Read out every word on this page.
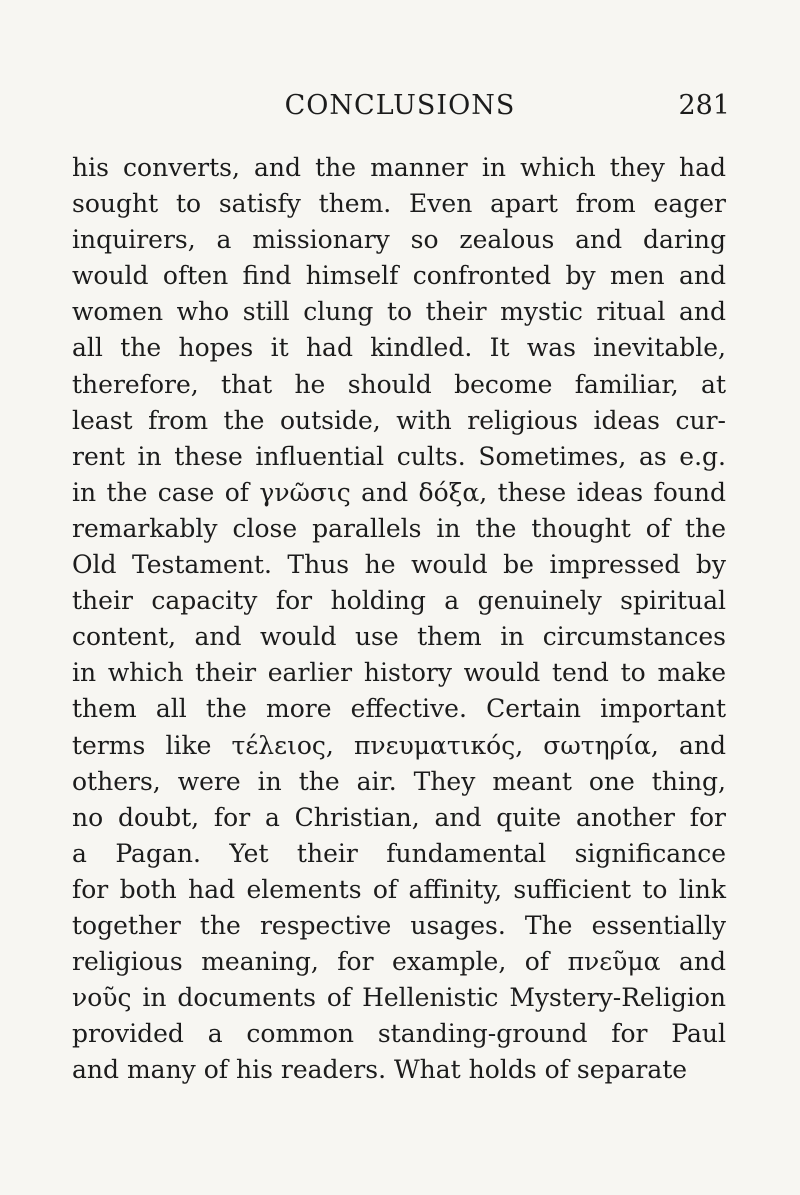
CONCLUSIONS	281
his converts, and the manner in which they had
sought to satisfy them. Even apart from eager
inquirers, a missionary so zealous and daring
would often find himself confronted by men and
women who still clung to their mystic ritual and
all the hopes it had kindled. It was inevitable,
therefore, that he should become familiar, at
least from the outside, with religious ideas cur-
rent in these influential cults. Sometimes, as e.g.
in the case of γνῶσις and δόξα, these ideas found
remarkably close parallels in the thought of the
Old Testament. Thus he would be impressed by
their capacity for holding a genuinely spiritual
content, and would use them in circumstances
in which their earlier history would tend to make
them all the more effective. Certain important
terms like τέλειος, πνευματικός, σωτηρία, and
others, were in the air. They meant one thing,
no doubt, for a Christian, and quite another for
a Pagan. Yet their fundamental significance
for both had elements of affinity, sufficient to link
together the respective usages. The essentially
religious meaning, for example, of πνεῦμα and
νοῦς in documents of Hellenistic Mystery-Religion
provided a common standing-ground for Paul
and many of his readers. What holds of separate
